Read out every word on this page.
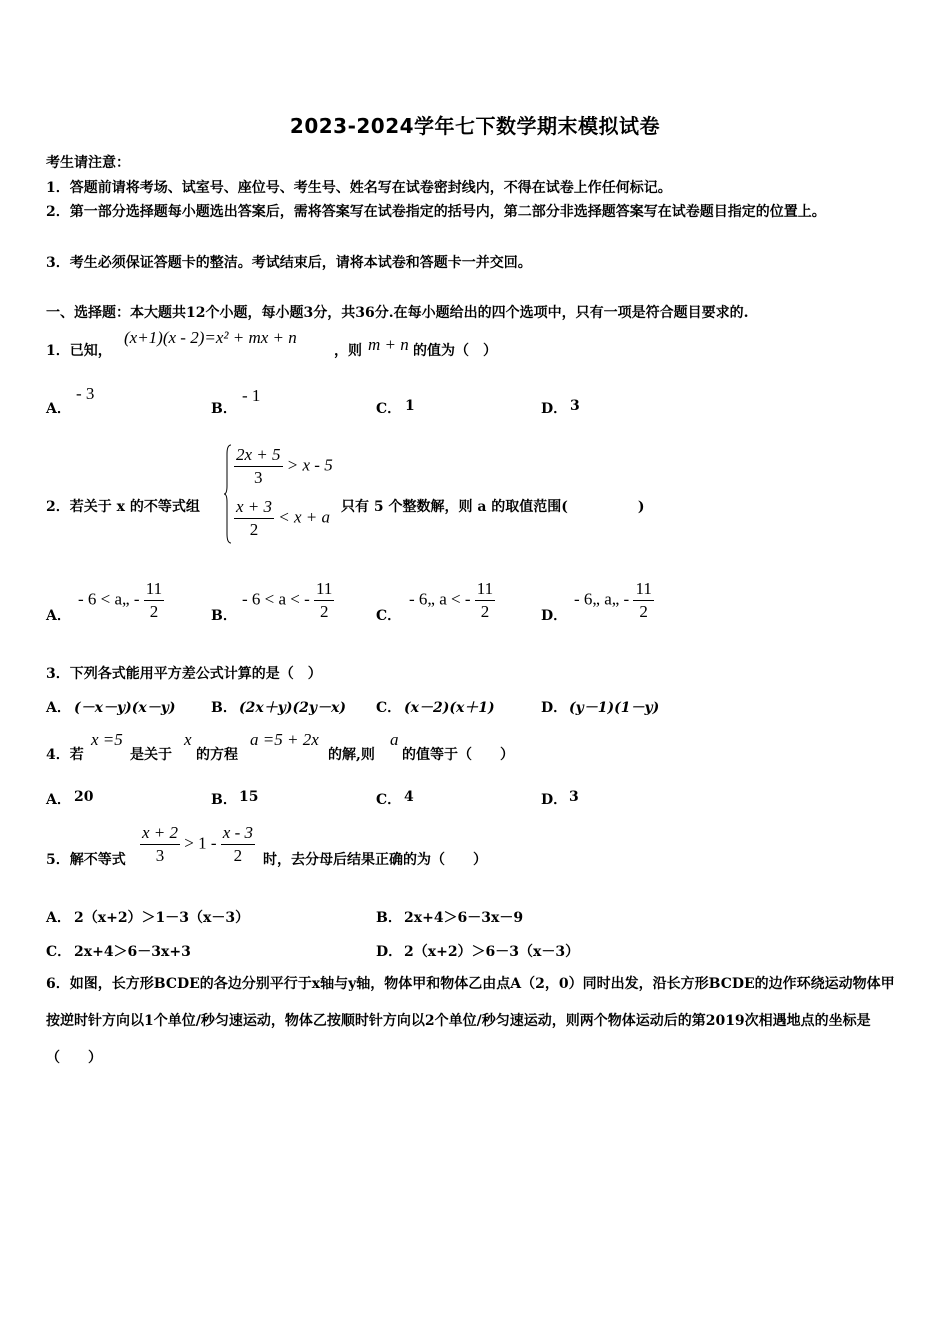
2023-2024学年七下数学期末模拟试卷
考生请注意：
1．答题前请将考场、试室号、座位号、考生号、姓名写在试卷密封线内，不得在试卷上作任何标记。
2．第一部分选择题每小题选出答案后，需将答案写在试卷指定的括号内，第二部分非选择题答案写在试卷题目指定的位置上。
3．考生必须保证答题卡的整洁。考试结束后，请将本试卷和答题卡一并交回。
一、选择题：本大题共12个小题，每小题3分，共36分.在每小题给出的四个选项中，只有一项是符合题目要求的.
1．已知，
(x+1)(x - 2)=x² + mx + n
，则 m + n 的值为（　）
A．
- 3
B．
- 1
C． 1	D． 3
2．若关于 x 的不等式组
$\frac{2x + 5}{3} > x - 5$
$\frac{x + 3}{2} < x + a$
只有 5 个整数解，则 a 的取值范围(　　　　　)
A．
- 6 < a„ - $\frac{11}{2}$	B．
- 6 < a < - $\frac{11}{2}$	C．
- 6„ a < - $\frac{11}{2}$	D．
- 6„ a„ - $\frac{11}{2}$
3．下列各式能用平方差公式计算的是（　）
A． (－x－y)(x－y)	B． (2x＋y)(2y－x) C． (x－2)(x＋1)	D． (y－1)(1－y)
4．若
x =5
是关于
x
的方程
a =5 + 2x
的解,则
a
的值等于（　　）
A． 20	B． 15	C． 4	D． 3
5．解不等式 $\frac{x + 2}{3} > 1 - \frac{x - 3}{2}$ 时，去分母后结果正确的为（　　）
A． 2（x+2）＞1－3（x－3）	B． 2x+4＞6－3x－9
C． 2x+4＞6－3x+3	D． 2（x+2）＞6－3（x－3）
6．如图，长方形BCDE的各边分别平行于x轴与y轴，物体甲和物体乙由点A（2，0）同时出发，沿长方形BCDE的边作环绕运动物体甲按逆时针方向以1个单位/秒匀速运动，物体乙按顺时针方向以2个单位/秒匀速运动，则两个物体运动后的第2019次相遇地点的坐标是（　　）
